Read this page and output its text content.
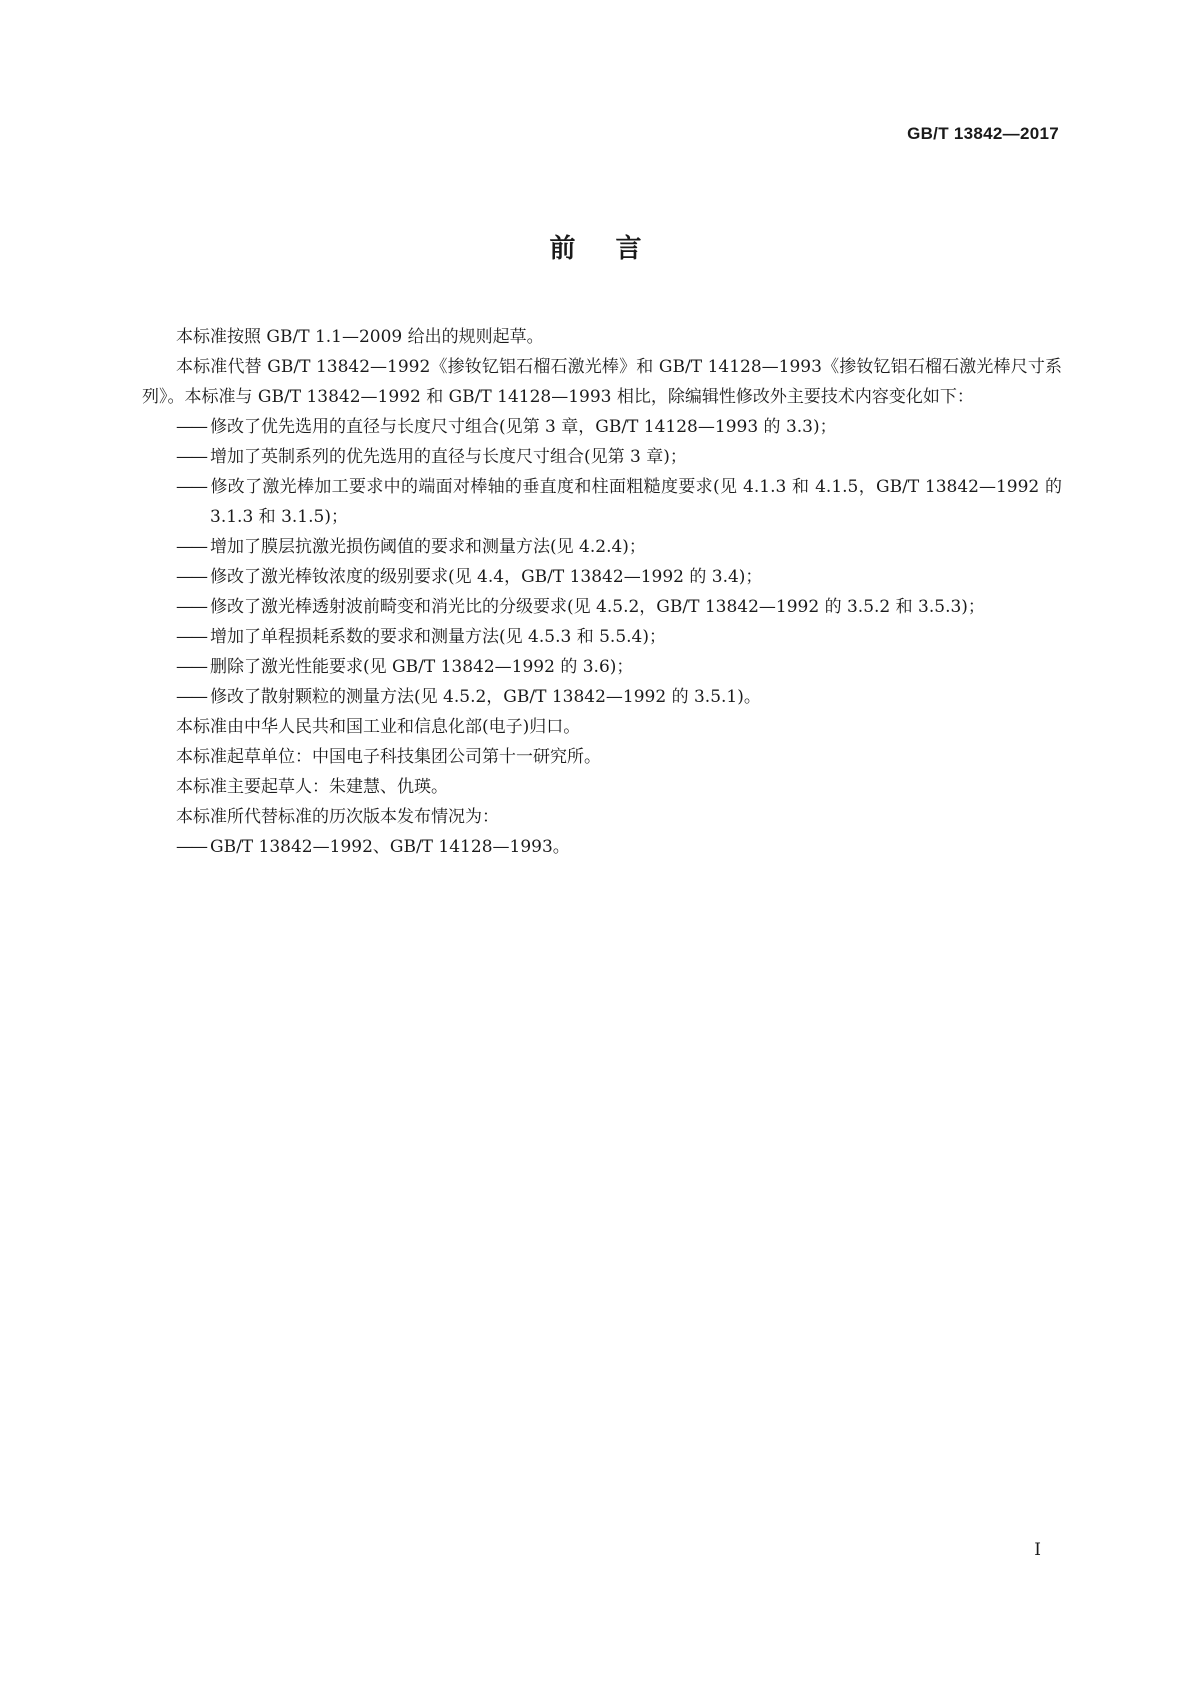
GB/T 13842—2017
前言

本标准按照 GB/T 1.1—2009 给出的规则起草。

本标准代替 GB/T 13842—1992《掺钕钇铝石榴石激光棒》和 GB/T 14128—1993《掺钕钇铝石榴石激光棒尺寸系列》。本标准与 GB/T 13842—1992 和 GB/T 14128—1993 相比，除编辑性修改外主要技术内容变化如下：

—— 修改了优先选用的直径与长度尺寸组合(见第 3 章，GB/T 14128—1993 的 3.3)；

—— 增加了英制系列的优先选用的直径与长度尺寸组合(见第 3 章)；

—— 修改了激光棒加工要求中的端面对棒轴的垂直度和柱面粗糙度要求(见 4.1.3 和 4.1.5，GB/T 13842—1992 的 3.1.3 和 3.1.5)；

—— 增加了膜层抗激光损伤阈值的要求和测量方法(见 4.2.4)；

—— 修改了激光棒钕浓度的级别要求(见 4.4，GB/T 13842—1992 的 3.4)；

—— 修改了激光棒透射波前畸变和消光比的分级要求(见 4.5.2，GB/T 13842—1992 的 3.5.2 和 3.5.3)；

—— 增加了单程损耗系数的要求和测量方法(见 4.5.3 和 5.5.4)；

—— 删除了激光性能要求(见 GB/T 13842—1992 的 3.6)；

—— 修改了散射颗粒的测量方法(见 4.5.2，GB/T 13842—1992 的 3.5.1)。

本标准由中华人民共和国工业和信息化部(电子)归口。

本标准起草单位：中国电子科技集团公司第十一研究所。

本标准主要起草人：朱建慧、仇瑛。

本标准所代替标准的历次版本发布情况为：

—— GB/T 13842—1992、GB/T 14128—1993。

I
